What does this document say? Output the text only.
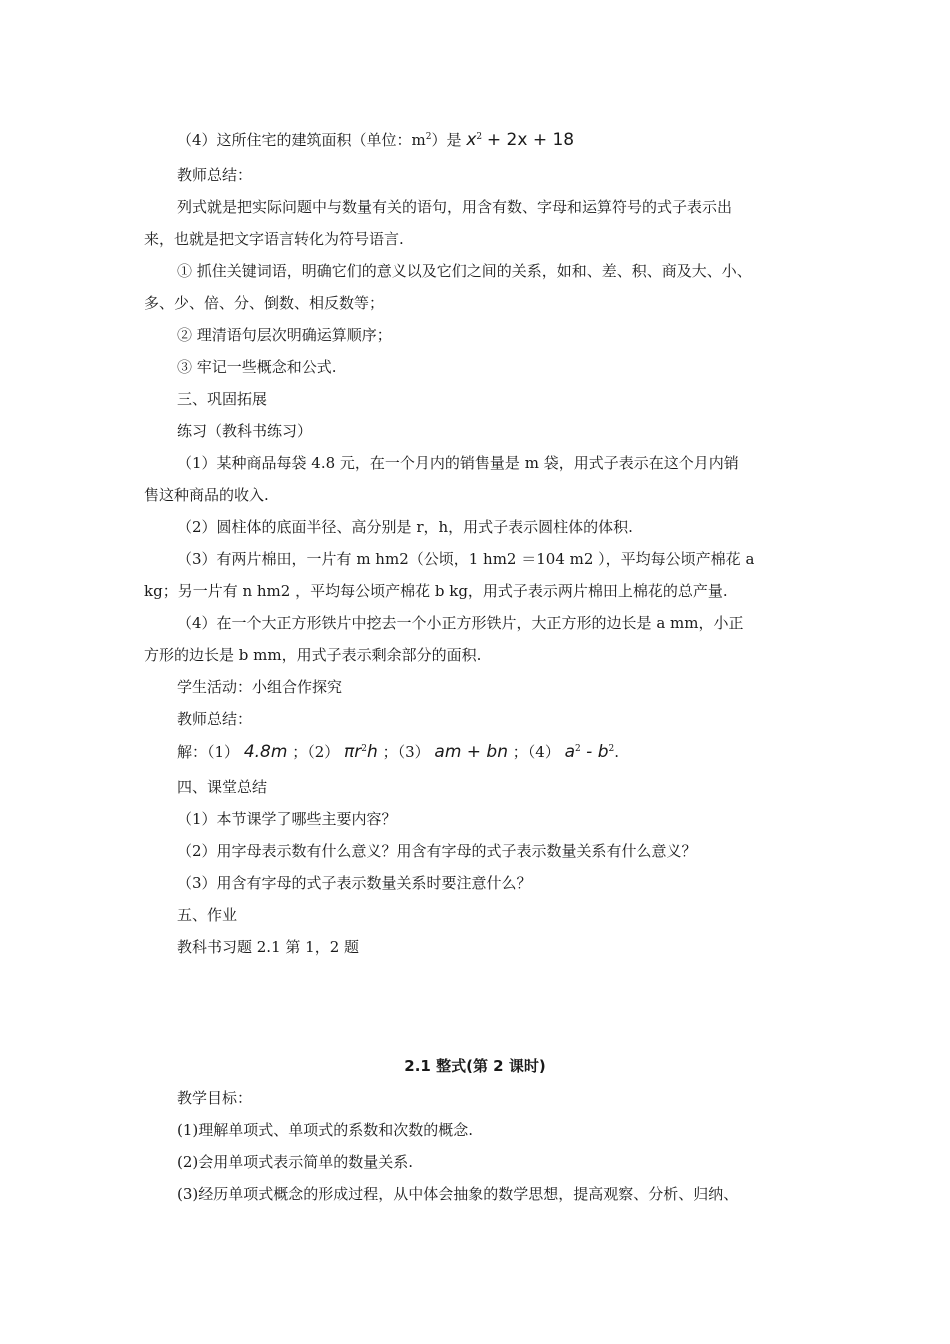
（4）这所住宅的建筑面积（单位：$m^2$）是 $x^2 + 2x + 18$
教师总结：
列式就是把实际问题中与数量有关的语句，用含有数、字母和运算符号的式子表示出
来，也就是把文字语言转化为符号语言.
① 抓住关键词语，明确它们的意义以及它们之间的关系，如和、差、积、商及大、小、
多、少、倍、分、倒数、相反数等；
② 理清语句层次明确运算顺序；
③ 牢记一些概念和公式.
三、巩固拓展
练习（教科书练习）
（1）某种商品每袋 4.8 元，在一个月内的销售量是 m 袋，用式子表示在这个月内销
售这种商品的收入.
（2）圆柱体的底面半径、高分别是 r，h，用式子表示圆柱体的体积.
（3）有两片棉田，一片有 m hm2（公顷，1 hm2 ＝104 m2 ），平均每公顷产棉花 a
kg；另一片有 n hm2 ，平均每公顷产棉花 b kg，用式子表示两片棉田上棉花的总产量.
（4）在一个大正方形铁片中挖去一个小正方形铁片，大正方形的边长是 a mm，小正
方形的边长是 b mm，用式子表示剩余部分的面积.
学生活动：小组合作探究
教师总结：
解：（1） 4.8m ；（2） $\pi r^2h$ ；（3） am + bn ；（4） $a^2 - b^2$.
四、课堂总结
（1）本节课学了哪些主要内容？
（2）用字母表示数有什么意义？用含有字母的式子表示数量关系有什么意义？
（3）用含有字母的式子表示数量关系时要注意什么？
五、作业
教科书习题 2.1 第 1，2 题
2.1 整式(第 2 课时)
教学目标：
(1)理解单项式、单项式的系数和次数的概念.
(2)会用单项式表示简单的数量关系.
(3)经历单项式概念的形成过程，从中体会抽象的数学思想，提高观察、分析、归纳、
